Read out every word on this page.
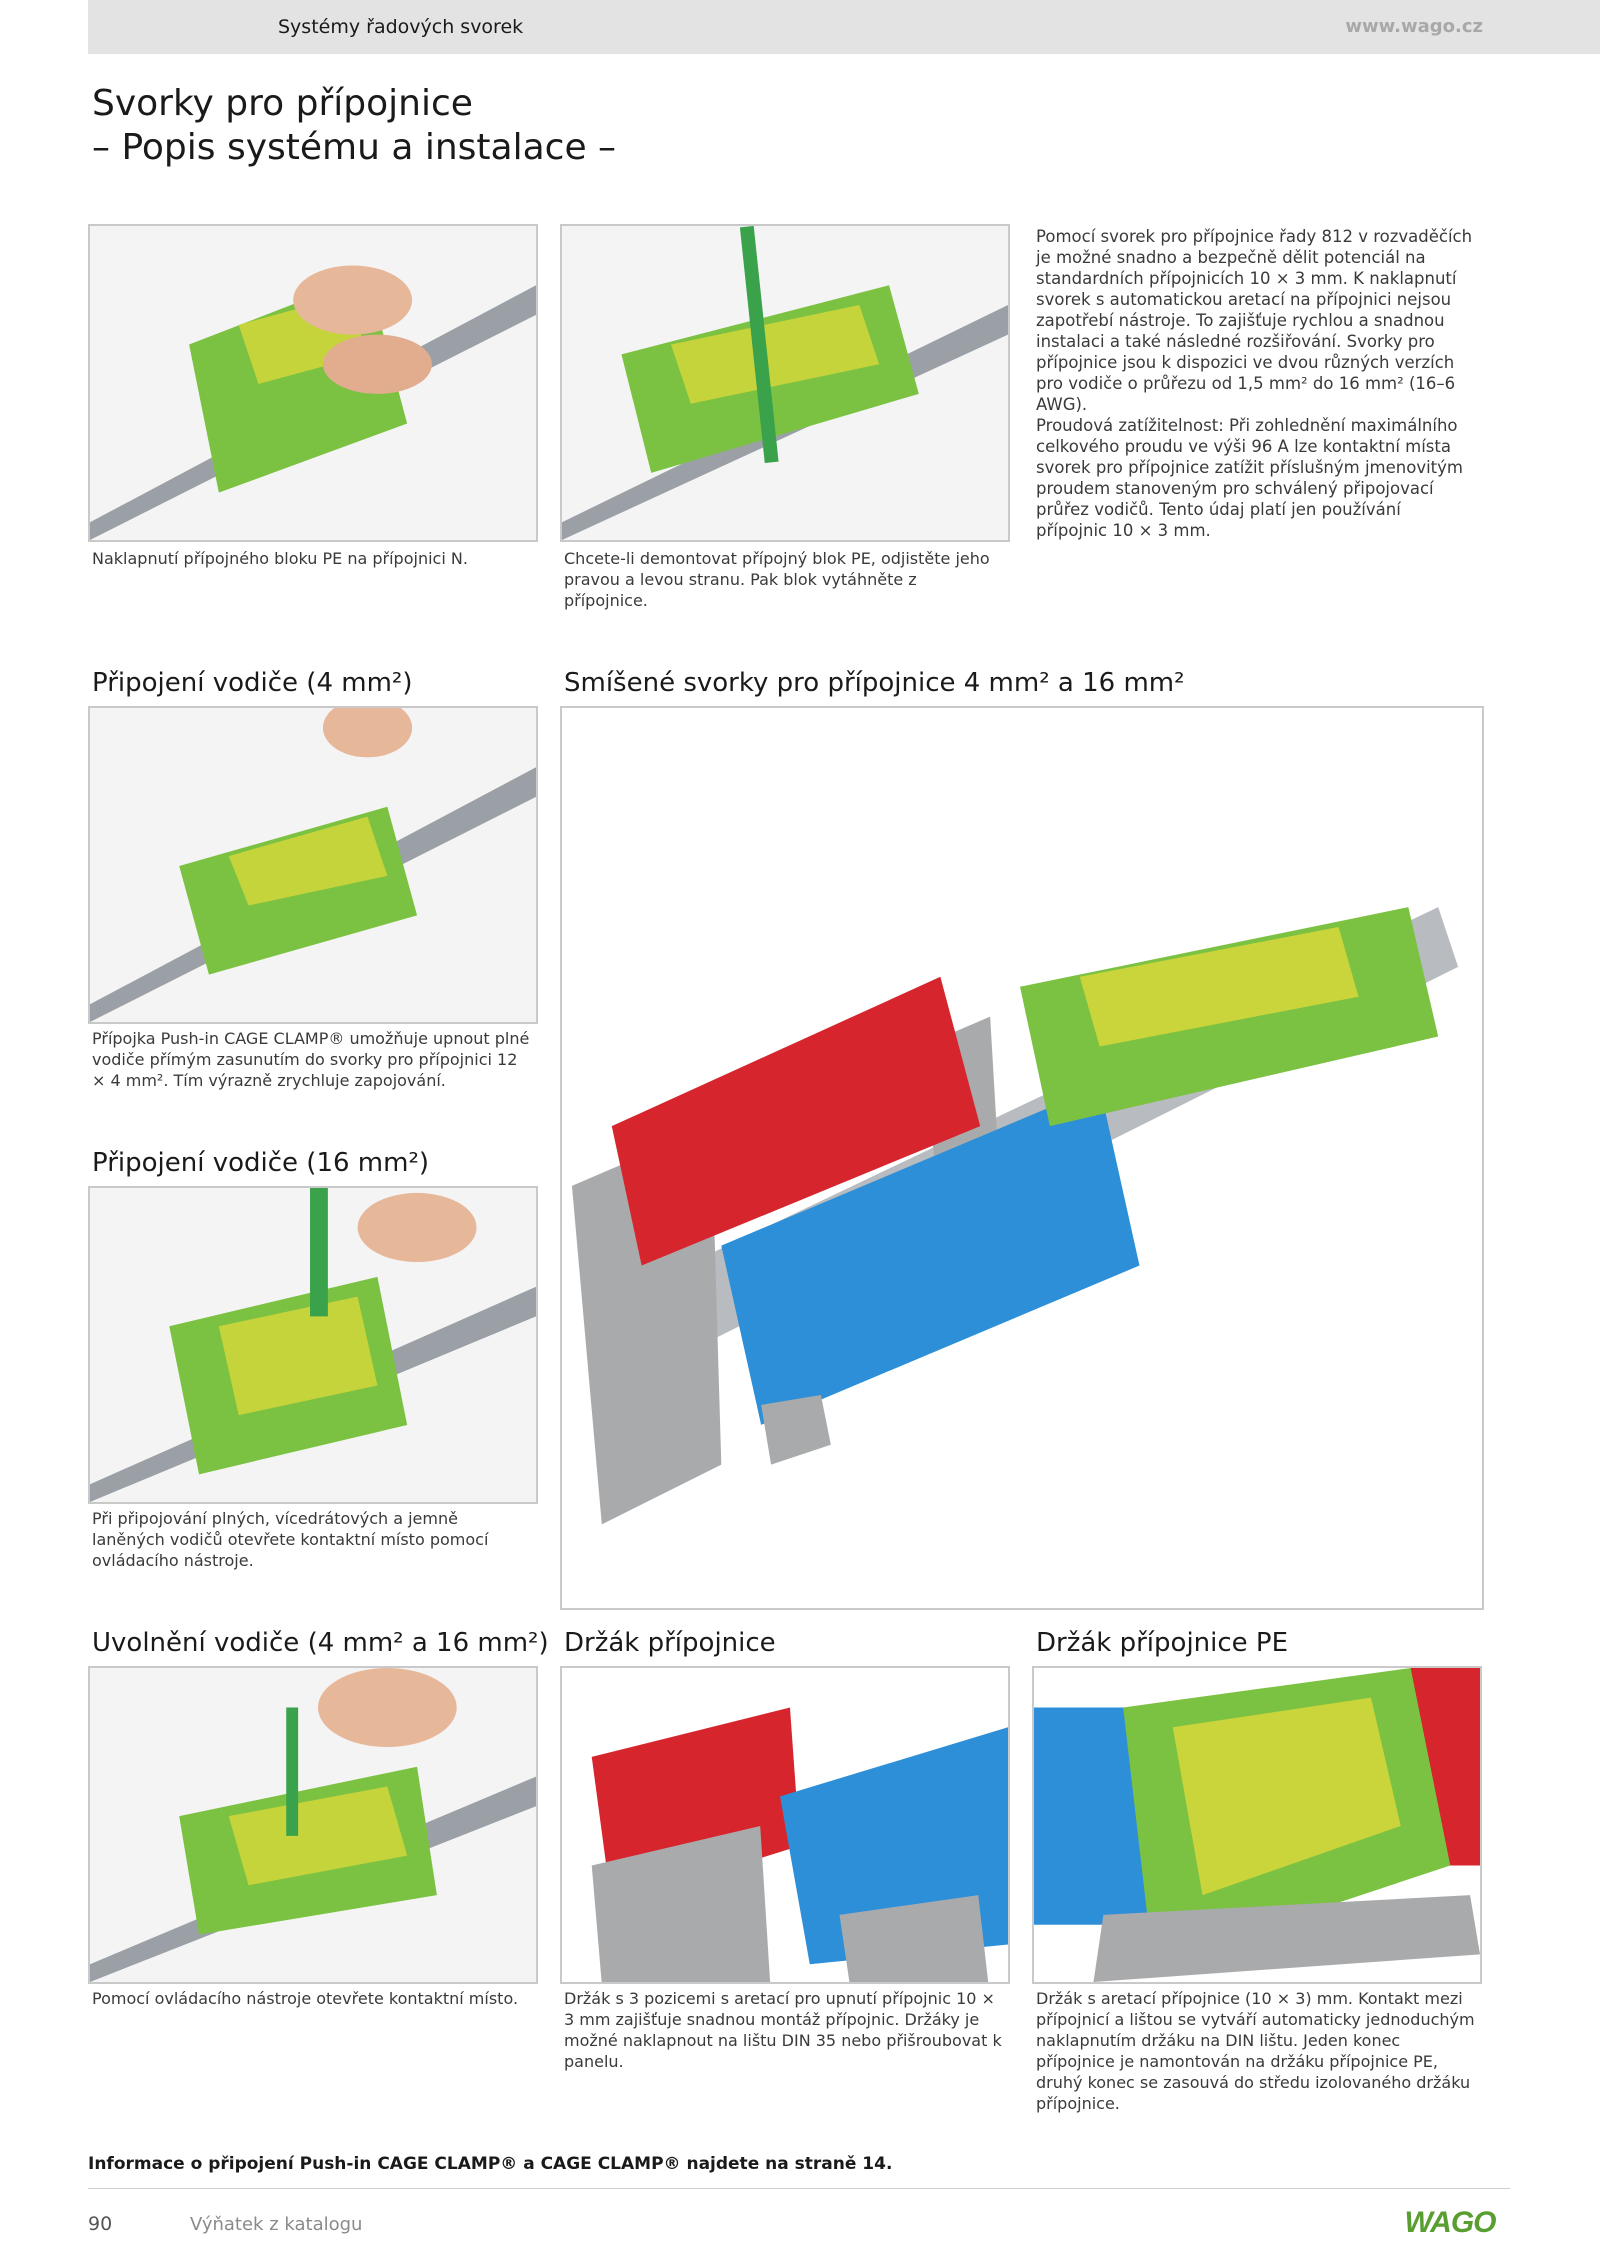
Systémy řadových svorek	www.wago.cz
Svorky pro přípojnice
– Popis systému a instalace –

Naklapnutí přípojného bloku PE na přípojnici N.	Chcete-li demontovat přípojný blok PE, odjistěte jeho pravou a levou stranu. Pak blok vytáhněte z přípojnice.

Pomocí svorek pro přípojnice řady 812 v rozvaděčích je možné snadno a bezpečně dělit potenciál na standardních přípojnicích 10 × 3 mm. K naklapnutí svorek s automatickou aretací na přípojnici nejsou zapotřebí nástroje. To zajišťuje rychlou a snadnou instalaci a také následné rozšiřování. Svorky pro přípojnice jsou k dispozici ve dvou různých verzích pro vodiče o průřezu od 1,5 mm² do 16 mm² (16–6 AWG).

Proudová zatížitelnost: Při zohlednění maximálního celkového proudu ve výši 96 A lze kontaktní místa svorek pro přípojnice zatížit příslušným jmenovitým proudem stanoveným pro schválený připojovací průřez vodičů. Tento údaj platí jen používání přípojnic 10 × 3 mm.

Připojení vodiče (4 mm²)

Přípojka Push-in CAGE CLAMP® umožňuje upnout plné vodiče přímým zasunutím do svorky pro přípojnici 12 × 4 mm². Tím výrazně zrychluje zapojování.

Připojení vodiče (16 mm²)

Při připojování plných, vícedrátových a jemně laněných vodičů otevřete kontaktní místo pomocí ovládacího nástroje.

Smíšené svorky pro přípojnice 4 mm² a 16 mm²
Uvolnění vodiče (4 mm² a 16 mm²) Držák přípojnice	Držák přípojnice PE

Pomocí ovládacího nástroje otevřete kontaktní místo.	Držák s 3 pozicemi s aretací pro upnutí přípojnic 10 × 3 mm zajišťuje snadnou montáž přípojnic. Držáky je možné naklapnout na lištu DIN 35 nebo přišroubovat k panelu.

Držák s aretací přípojnice (10 × 3) mm. Kontakt mezi přípojnicí a lištou se vytváří automaticky jednoduchým naklapnutím držáku na DIN lištu. Jeden konec přípojnice je namontován na držáku přípojnice PE, druhý konec se zasouvá do středu izolovaného držáku přípojnice.

Informace o připojení Push-in CAGE CLAMP® a CAGE CLAMP® najdete na straně 14.
90	Výňatek z katalogu	WAGO
